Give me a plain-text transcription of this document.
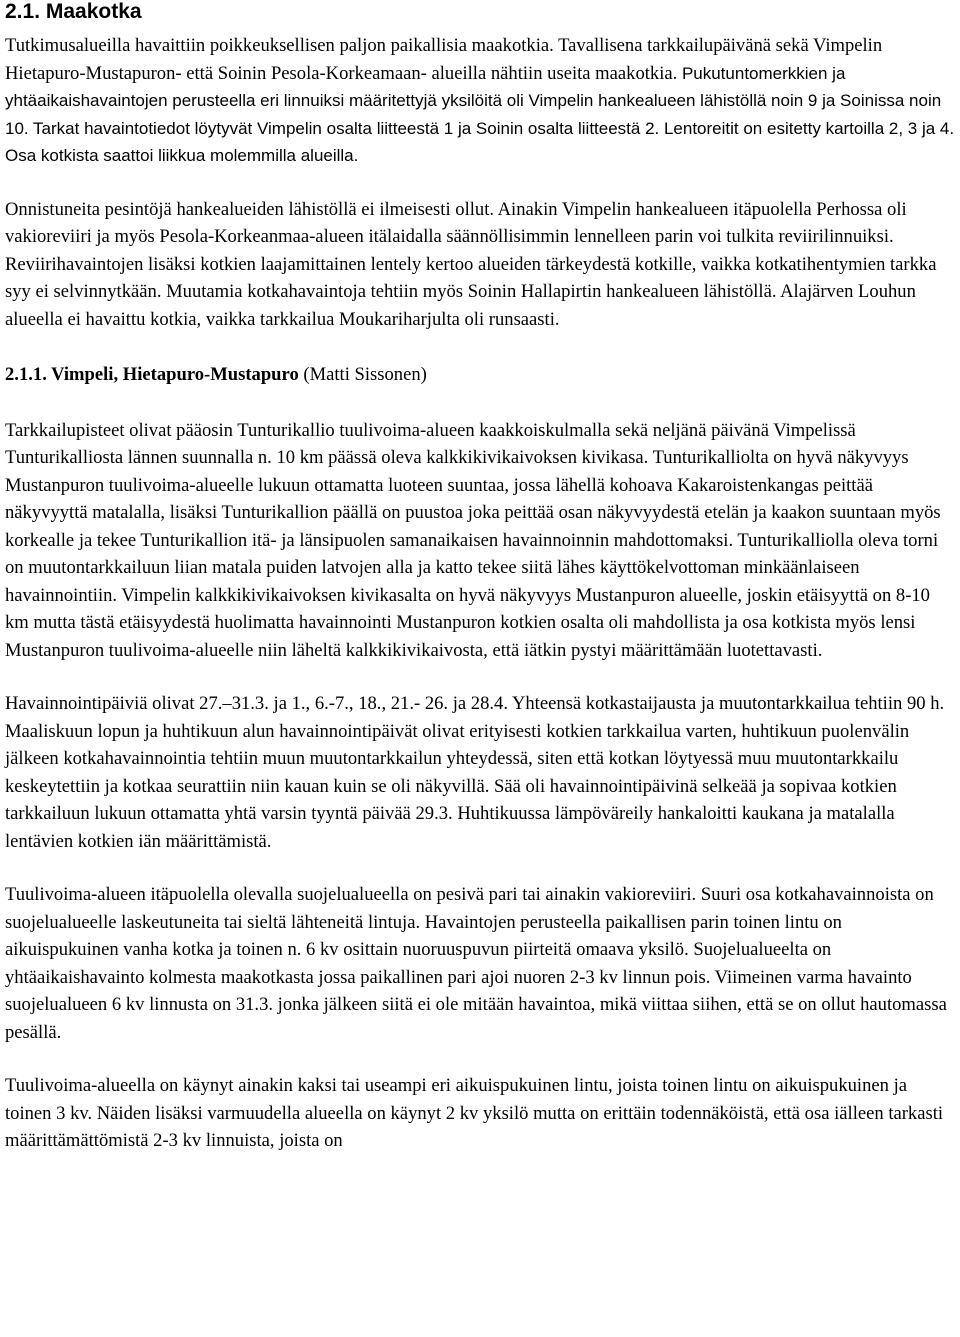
2.1. Maakotka

Tutkimusalueilla havaittiin poikkeuksellisen paljon paikallisia maakotkia. Tavallisena tarkkailupäivänä sekä Vimpelin Hietapuro-Mustapuron- että Soinin Pesola-Korkeamaan- alueilla nähtiin useita maakotkia. Pukutuntomerkkien ja yhtäaikaishavaintojen perusteella eri linnuiksi määritettyjä yksilöitä oli Vimpelin hankealueen lähistöllä noin 9 ja Soinissa noin 10. Tarkat havaintotiedot löytyvät Vimpelin osalta liitteestä 1 ja Soinin osalta liitteestä 2. Lentoreitit on esitetty kartoilla 2, 3 ja 4. Osa kotkista saattoi liikkua molemmilla alueilla.

Onnistuneita pesintöjä hankealueiden lähistöllä ei ilmeisesti ollut. Ainakin Vimpelin hankealueen itäpuolella Perhossa oli vakioreviiri ja myös Pesola-Korkeanmaa-alueen itälaidalla säännöllisimmin lennelleen parin voi tulkita reviirilinnuiksi. Reviirihavaintojen lisäksi kotkien laajamittainen lentely kertoo alueiden tärkeydestä kotkille, vaikka kotkatihentymien tarkka syy ei selvinnytkään. Muutamia kotkahavaintoja tehtiin myös Soinin Hallapirtin hankealueen lähistöllä. Alajärven Louhun alueella ei havaittu kotkia, vaikka tarkkailua Moukariharjulta oli runsaasti.

2.1.1. Vimpeli, Hietapuro-Mustapuro (Matti Sissonen)

Tarkkailupisteet olivat pääosin Tunturikallio tuulivoima-alueen kaakkoiskulmalla sekä neljänä päivänä Vimpelissä Tunturikalliosta lännen suunnalla n. 10 km päässä oleva kalkkikivikaivoksen kivikasa. Tunturikalliolta on hyvä näkyvyys Mustanpuron tuulivoima-alueelle lukuun ottamatta luoteen suuntaa, jossa lähellä kohoava Kakaroistenkangas peittää näkyvyyttä matalalla, lisäksi Tunturikallion päällä on puustoa joka peittää osan näkyvyydestä etelän ja kaakon suuntaan myös korkealle ja tekee Tunturikallion itä- ja länsipuolen samanaikaisen havainnoinnin mahdottomaksi. Tunturikalliolla oleva torni on muutontarkkailuun liian matala puiden latvojen alla ja katto tekee siitä lähes käyttökelvottoman minkäänlaiseen havainnointiin. Vimpelin kalkkikivikaivoksen kivikasalta on hyvä näkyvyys Mustanpuron alueelle, joskin etäisyyttä on 8-10 km mutta tästä etäisyydestä huolimatta havainnointi Mustanpuron kotkien osalta oli mahdollista ja osa kotkista myös lensi Mustanpuron tuulivoima-alueelle niin läheltä kalkkikivikaivosta, että iätkin pystyi määrittämään luotettavasti.

Havainnointipäiviä olivat 27.–31.3. ja 1., 6.-7., 18., 21.- 26. ja 28.4. Yhteensä kotkastaijausta ja muutontarkkailua tehtiin 90 h. Maaliskuun lopun ja huhtikuun alun havainnointipäivät olivat erityisesti kotkien tarkkailua varten, huhtikuun puolenvälin jälkeen kotkahavainnointia tehtiin muun muutontarkkailun yhteydessä, siten että kotkan löytyessä muu muutontarkkailu keskeytettiin ja kotkaa seurattiin niin kauan kuin se oli näkyvillä. Sää oli havainnointipäivinä selkeää ja sopivaa kotkien tarkkailuun lukuun ottamatta yhtä varsin tyyntä päivää 29.3. Huhtikuussa lämpöväreily hankaloitti kaukana ja matalalla lentävien kotkien iän määrittämistä.

Tuulivoima-alueen itäpuolella olevalla suojelualueella on pesivä pari tai ainakin vakioreviiri. Suuri osa kotkahavainnoista on suojelualueelle laskeutuneita tai sieltä lähteneitä lintuja. Havaintojen perusteella paikallisen parin toinen lintu on aikuispukuinen vanha kotka ja toinen n. 6 kv osittain nuoruuspuvun piirteitä omaava yksilö. Suojelualueelta on yhtäaikaishavainto kolmesta maakotkasta jossa paikallinen pari ajoi nuoren 2-3 kv linnun pois. Viimeinen varma havainto suojelualueen 6 kv linnusta on 31.3. jonka jälkeen siitä ei ole mitään havaintoa, mikä viittaa siihen, että se on ollut hautomassa pesällä.

Tuulivoima-alueella on käynyt ainakin kaksi tai useampi eri aikuispukuinen lintu, joista toinen lintu on aikuispukuinen ja toinen 3 kv. Näiden lisäksi varmuudella alueella on käynyt 2 kv yksilö mutta on erittäin todennäköistä, että osa iälleen tarkasti määrittämättömistä 2-3 kv linnuista, joista on
